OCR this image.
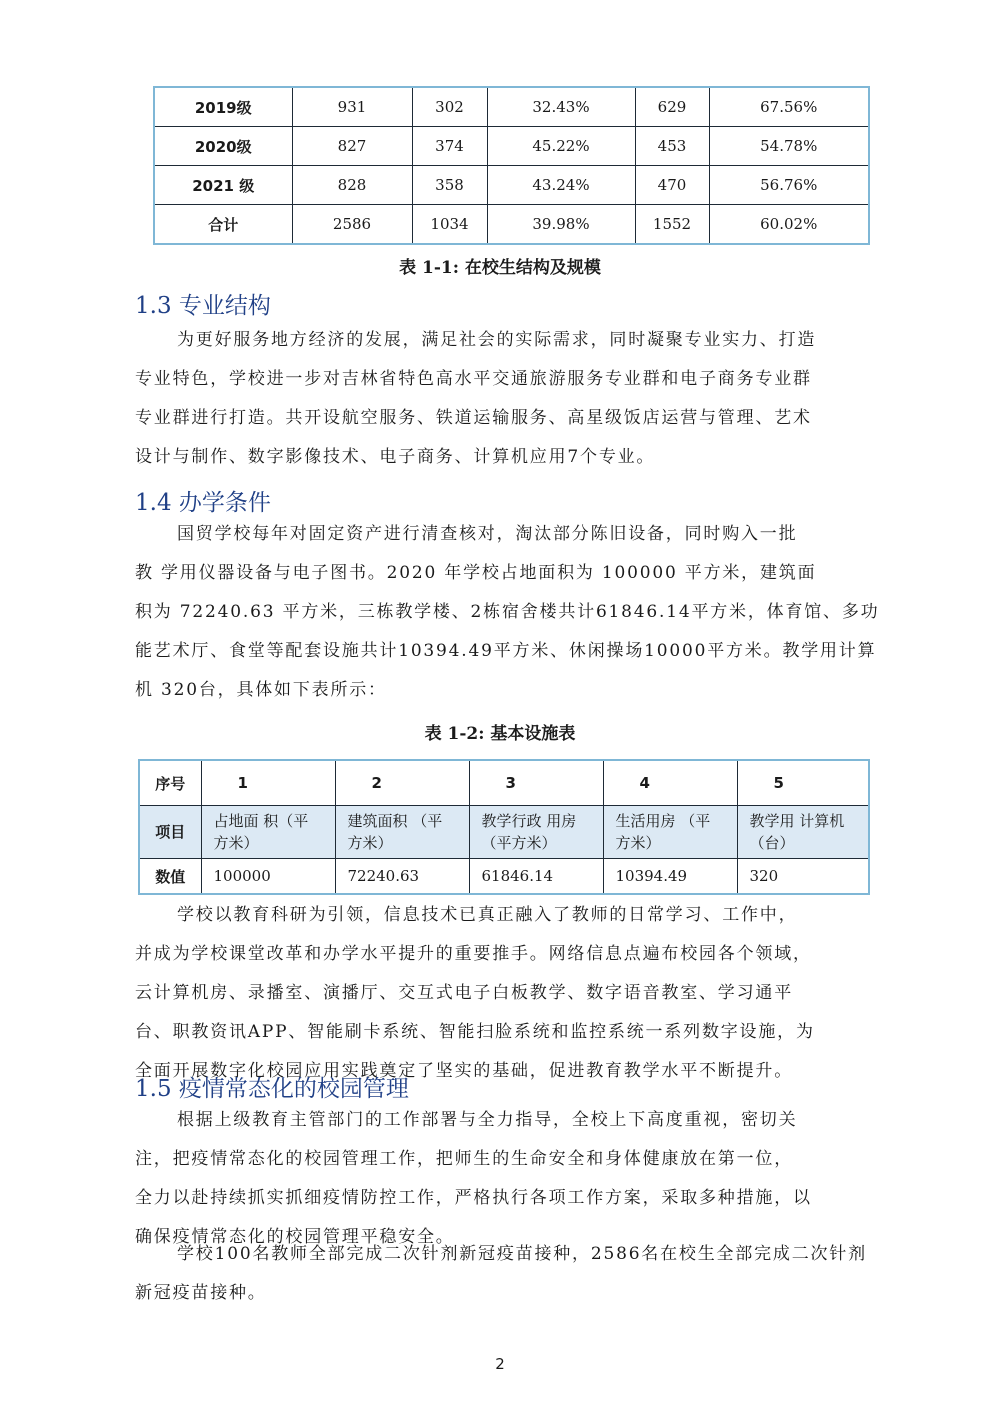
2019级	931	302	32.43%	629	67.56%
2020级	827	374	45.22%	453	54.78%
2021 级	828	358	43.24%	470	56.76%
合计	2586	1034	39.98%	1552	60.02%
表 1-1: 在校生结构及规模
1.3 专业结构

为更好服务地方经济的发展，满足社会的实际需求，同时凝聚专业实力、打造
专业特色，学校进一步对吉林省特色高水平交通旅游服务专业群和电子商务专业群
专业群进行打造。共开设航空服务、铁道运输服务、高星级饭店运营与管理、艺术
设计与制作、数字影像技术、电子商务、计算机应用7个专业。

1.4 办学条件

国贸学校每年对固定资产进行清查核对，淘汰部分陈旧设备，同时购入一批
教 学用仪器设备与电子图书。2020 年学校占地面积为 100000 平方米，建筑面
积为 72240.63 平方米，三栋教学楼、2栋宿舍楼共计61846.14平方米，体育馆、多功
能艺术厅、食堂等配套设施共计10394.49平方米、休闲操场10000平方米。教学用计算
机 320台，具体如下表所示：

表 1-2: 基本设施表
序号	1	2	3	4	5
项目	占地面 积（平方米）	建筑面积 （平方米）	教学行政 用房（平方米）	生活用房 （平方米）	教学用 计算机（台）
数值	100000	72240.63	61846.14	10394.49	320

学校以教育科研为引领，信息技术已真正融入了教师的日常学习、工作中，
并成为学校课堂改革和办学水平提升的重要推手。网络信息点遍布校园各个领域，
云计算机房、录播室、演播厅、交互式电子白板教学、数字语音教室、学习通平
台、职教资讯APP、智能刷卡系统、智能扫脸系统和监控系统一系列数字设施，为
全面开展数字化校园应用实践奠定了坚实的基础，促进教育教学水平不断提升。

1.5 疫情常态化的校园管理

根据上级教育主管部门的工作部署与全力指导，全校上下高度重视，密切关
注，把疫情常态化的校园管理工作，把师生的生命安全和身体健康放在第一位，
全力以赴持续抓实抓细疫情防控工作，严格执行各项工作方案，采取多种措施，以
确保疫情常态化的校园管理平稳安全。

学校100名教师全部完成二次针剂新冠疫苗接种，2586名在校生全部完成二次针剂
新冠疫苗接种。

2
